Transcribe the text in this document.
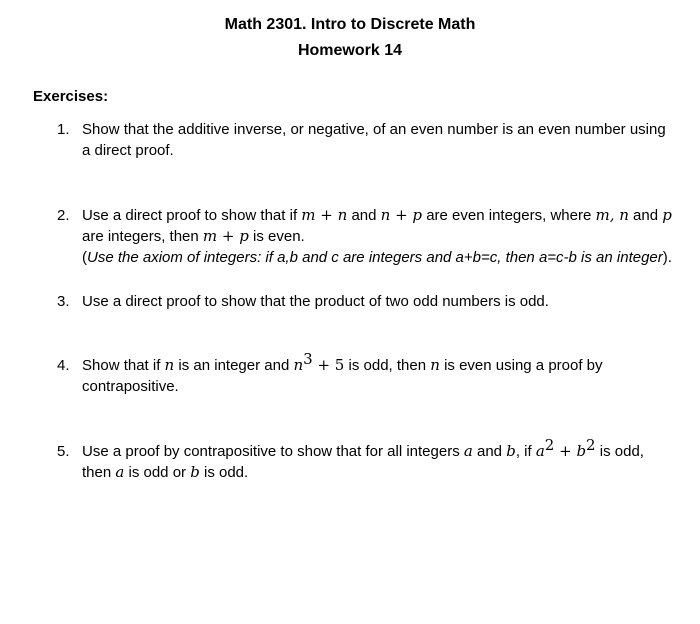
Math 2301. Intro to Discrete Math
Homework 14
Exercises:
1. Show that the additive inverse, or negative, of an even number is an even number using a direct proof.
2. Use a direct proof to show that if m + n and n + p are even integers, where m, n and p are integers, then m + p is even.
(Use the axiom of integers: if a,b and c are integers and a+b=c, then a=c-b is an integer).
3. Use a direct proof to show that the product of two odd numbers is odd.
4. Show that if n is an integer and $n^3 + 5$ is odd, then n is even using a proof by contrapositive.
5. Use a proof by contrapositive to show that for all integers a and b, if $a^2 + b^2$ is odd, then a is odd or b is odd.
